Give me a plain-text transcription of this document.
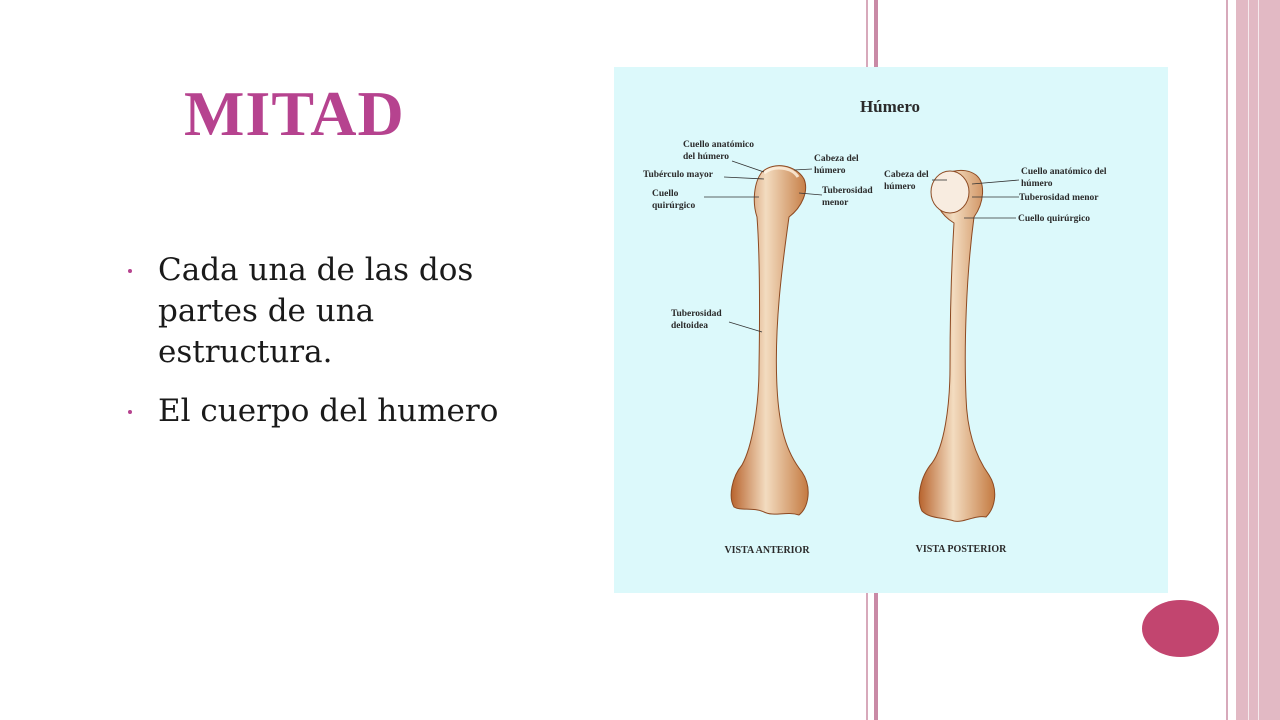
MITAD
Cada una de las dos partes de una estructura.
El cuerpo del humero
Húmero
Cuello anatómico del húmero
Tubérculo mayor
Cuello quirúrgico
Cabeza del húmero
Tuberosidad menor
Tuberosidad deltoidea
Cabeza del húmero
Cuello anatómico del húmero
Tuberosidad menor
Cuello quirúrgico
VISTA ANTERIOR	VISTA POSTERIOR
